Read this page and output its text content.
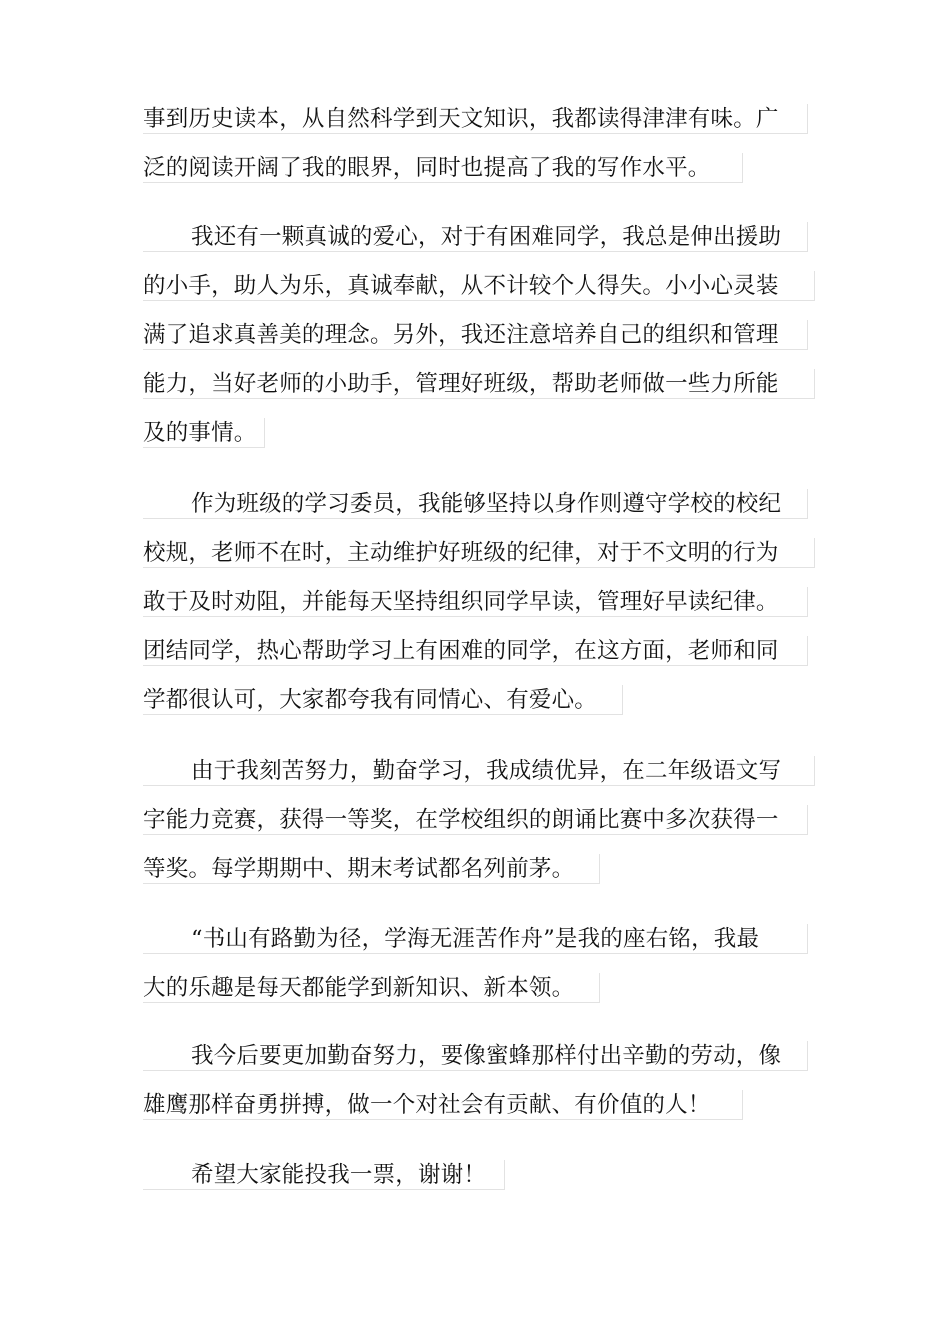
事到历史读本，从自然科学到天文知识，我都读得津津有味。广
泛的阅读开阔了我的眼界，同时也提高了我的写作水平。
我还有一颗真诚的爱心，对于有困难同学，我总是伸出援助
的小手，助人为乐，真诚奉献，从不计较个人得失。小小心灵装
满了追求真善美的理念。另外，我还注意培养自己的组织和管理
能力，当好老师的小助手，管理好班级，帮助老师做一些力所能
及的事情。
作为班级的学习委员，我能够坚持以身作则遵守学校的校纪
校规，老师不在时，主动维护好班级的纪律，对于不文明的行为
敢于及时劝阻，并能每天坚持组织同学早读，管理好早读纪律。
团结同学，热心帮助学习上有困难的同学，在这方面，老师和同
学都很认可，大家都夸我有同情心、有爱心。
由于我刻苦努力，勤奋学习，我成绩优异，在二年级语文写
字能力竞赛，获得一等奖，在学校组织的朗诵比赛中多次获得一
等奖。每学期期中、期末考试都名列前茅。
“书山有路勤为径，学海无涯苦作舟”是我的座右铭，我最
大的乐趣是每天都能学到新知识、新本领。
我今后要更加勤奋努力，要像蜜蜂那样付出辛勤的劳动，像
雄鹰那样奋勇拼搏，做一个对社会有贡献、有价值的人！
希望大家能投我一票，谢谢！
